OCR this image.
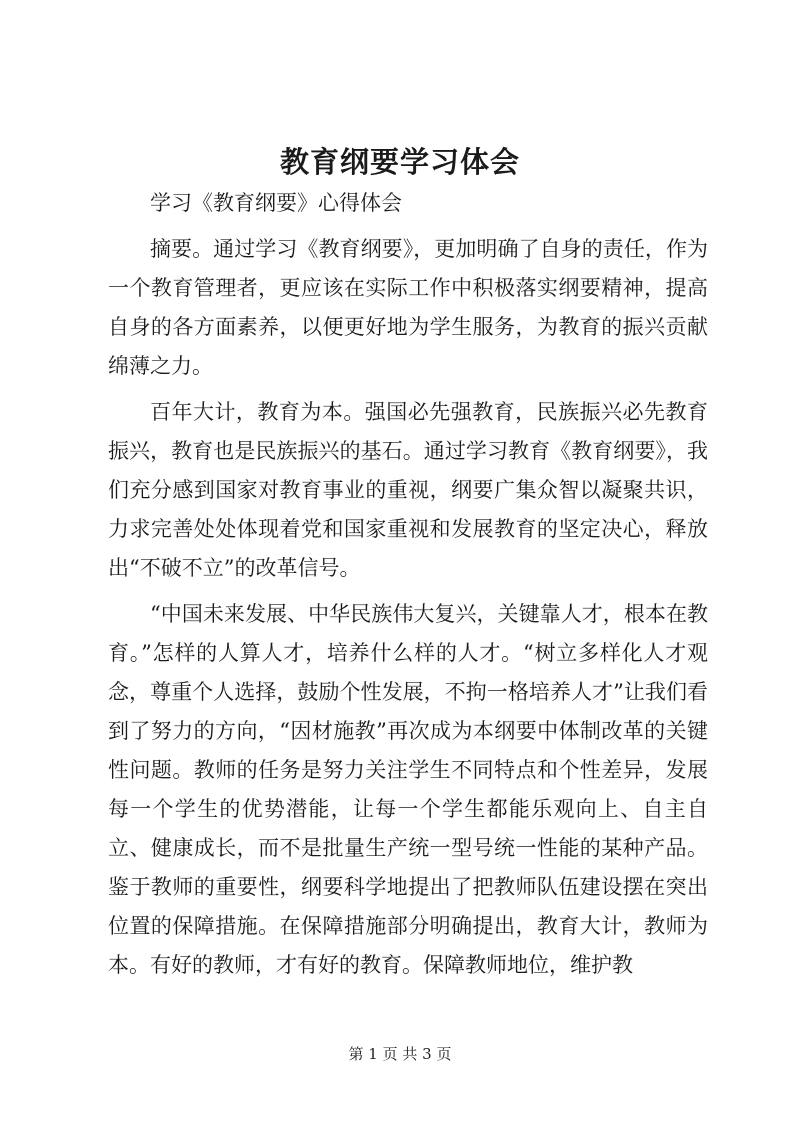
教育纲要学习体会

学习《教育纲要》心得体会

摘要。通过学习《教育纲要》，更加明确了自身的责任，作为一个教育管理者，更应该在实际工作中积极落实纲要精神，提高自身的各方面素养，以便更好地为学生服务，为教育的振兴贡献绵薄之力。

百年大计，教育为本。强国必先强教育，民族振兴必先教育振兴，教育也是民族振兴的基石。通过学习教育《教育纲要》，我们充分感到国家对教育事业的重视，纲要广集众智以凝聚共识，力求完善处处体现着党和国家重视和发展教育的坚定决心，释放出“不破不立”的改革信号。

“中国未来发展、中华民族伟大复兴，关键靠人才，根本在教育。”怎样的人算人才，培养什么样的人才。“树立多样化人才观念，尊重个人选择，鼓励个性发展，不拘一格培养人才”让我们看到了努力的方向，“因材施教”再次成为本纲要中体制改革的关键性问题。教师的任务是努力关注学生不同特点和个性差异，发展每一个学生的优势潜能，让每一个学生都能乐观向上、自主自立、健康成长，而不是批量生产统一型号统一性能的某种产品。鉴于教师的重要性，纲要科学地提出了把教师队伍建设摆在突出位置的保障措施。在保障措施部分明确提出，教育大计，教师为本。有好的教师，才有好的教育。保障教师地位，维护教

第 1 页 共 3 页
